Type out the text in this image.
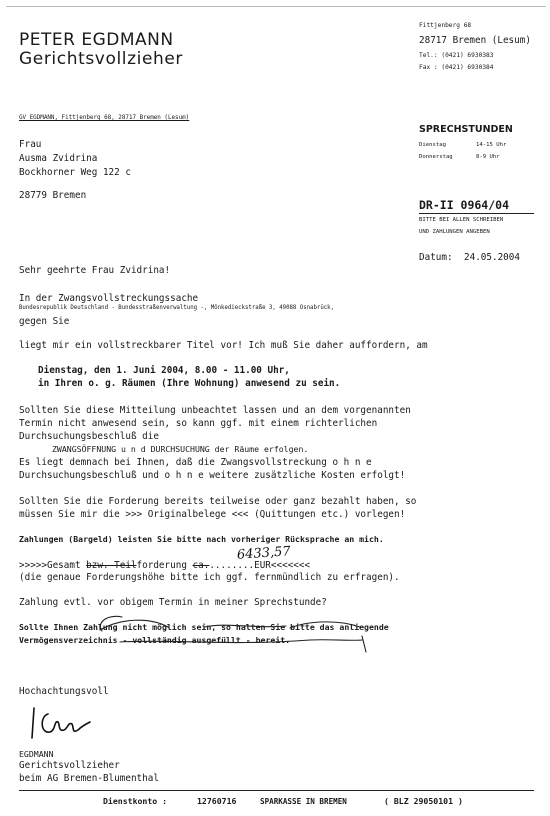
PETER EGDMANN
Gerichtsvollzieher
Fittjenberg 68
28717 Bremen (Lesum)
Tel.: (0421) 6930383
Fax : (0421) 6930384
GV EGDMANN, Fittjenberg 68, 28717 Bremen (Lesum)
SPRECHSTUNDEN
Dienstag	14-15 Uhr
Donnerstag	8-9 Uhr
Frau
Ausma Zvidrina
Bockhorner Weg 122 c
28779 Bremen
DR-II 0964/04
BITTE BEI ALLEN SCHREIBEN
UND ZAHLUNGEN ANGEBEN
Datum: 24.05.2004
Sehr geehrte Frau Zvidrina!
In der Zwangsvollstreckungssache
Bundesrepublik Deutschland - Bundesstraßenverwaltung -, Mönkedieckstraße 3, 49088 Osnabrück,
gegen Sie
liegt mir ein vollstreckbarer Titel vor! Ich muß Sie daher auffordern, am
Dienstag, den 1. Juni 2004, 8.00 - 11.00 Uhr,
in Ihren o. g. Räumen (Ihre Wohnung) anwesend zu sein.
Sollten Sie diese Mitteilung unbeachtet lassen und an dem vorgenannten
Termin nicht anwesend sein, so kann ggf. mit einem richterlichen
Durchsuchungsbeschluß die
ZWANGSÖFFNUNG u n d DURCHSUCHUNG der Räume erfolgen.
Es liegt demnach bei Ihnen, daß die Zwangsvollstreckung o h n e
Durchsuchungsbeschluß und o h n e weitere zusätzliche Kosten erfolgt!
Sollten Sie die Forderung bereits teilweise oder ganz bezahlt haben, so
müssen Sie mir die >>> Originalbelege <<< (Quittungen etc.) vorlegen!
Zahlungen (Bargeld) leisten Sie bitte nach vorheriger Rücksprache an mich.
>>>>>Gesamt bzw. Teilforderung ca.........EUR<<<<<<<
6433,57
(die genaue Forderungshöhe bitte ich ggf. fernmündlich zu erfragen).
Zahlung evtl. vor obigem Termin in meiner Sprechstunde?
Sollte Ihnen Zahlung nicht möglich sein, so halten Sie bitte das anliegende
Vermögensverzeichnis - vollständig ausgefüllt - bereit.
Hochachtungsvoll
EGDMANN
Gerichtsvollzieher
beim AG Bremen-Blumenthal
Dienstkonto :	12760716	SPARKASSE IN BREMEN	( BLZ 29050101 )
